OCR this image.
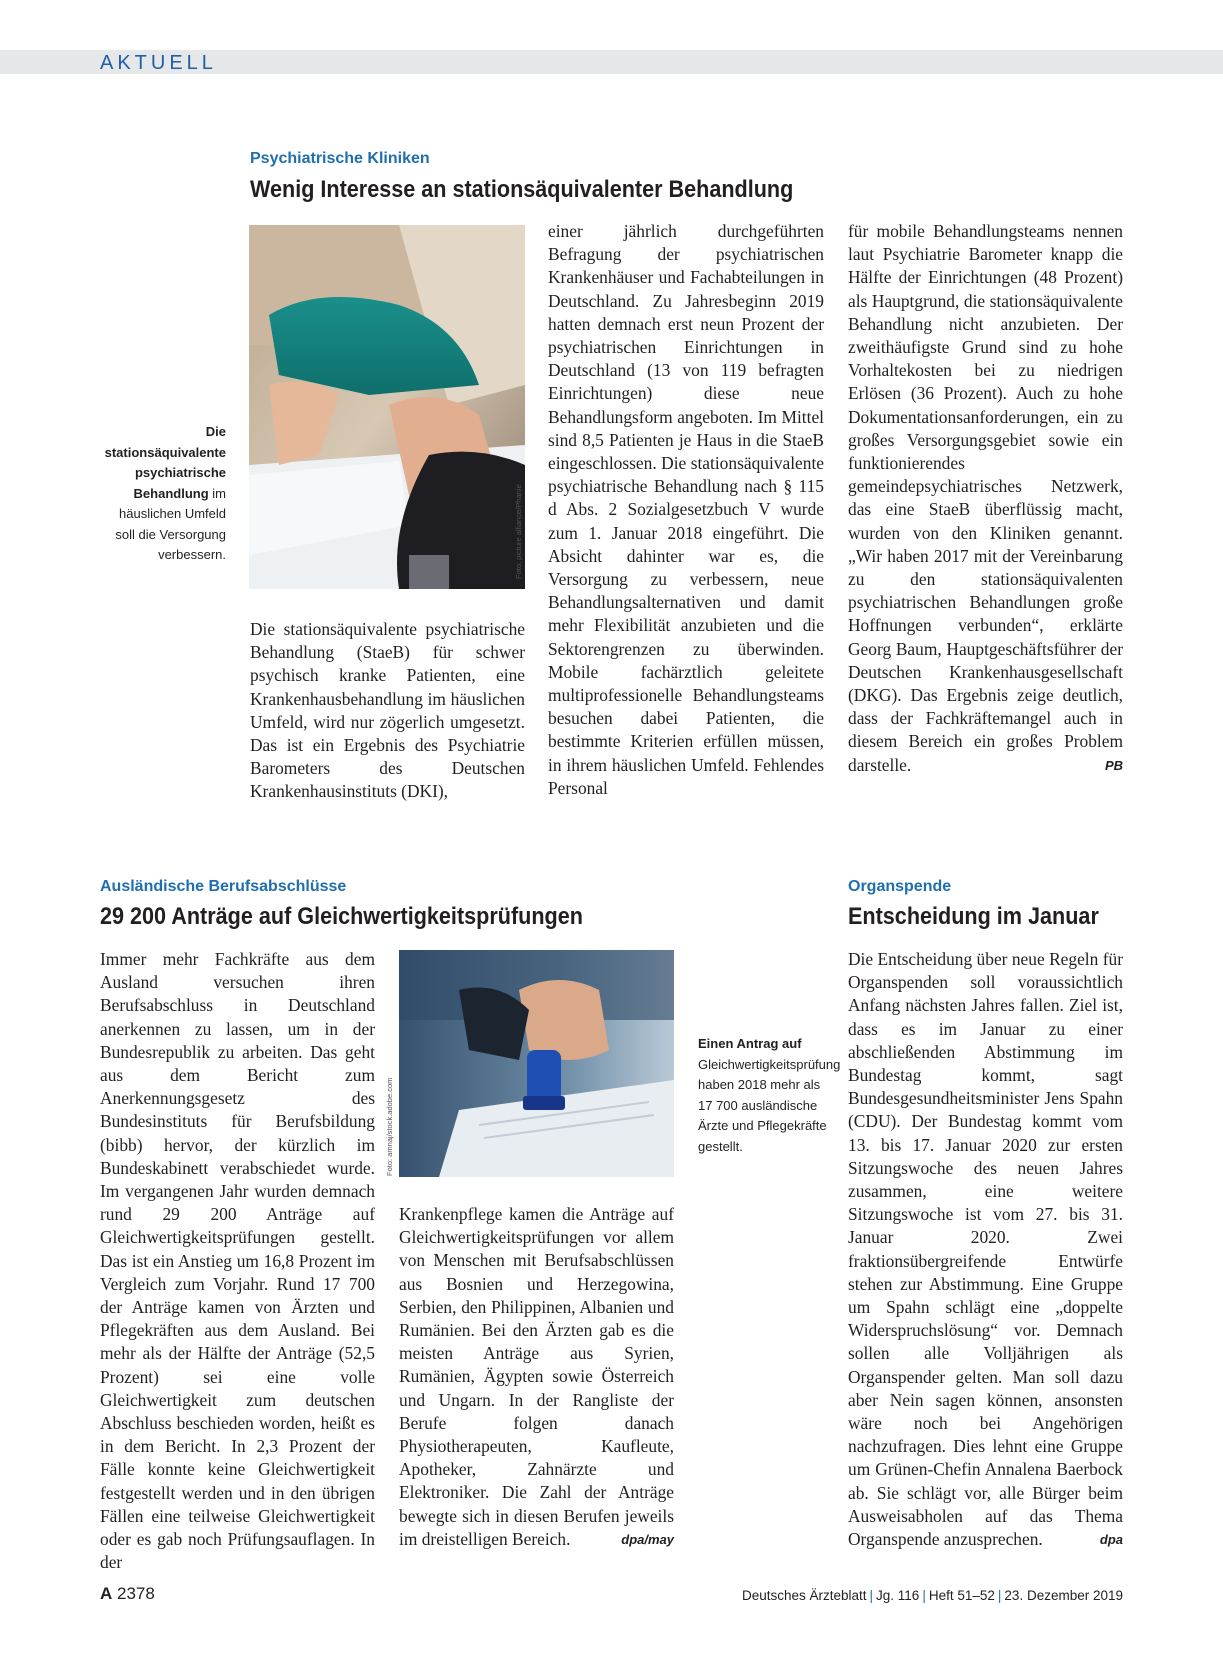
AKTUELL
Psychiatrische Kliniken
Wenig Interesse an stationsäquivalenter Behandlung
Die stationsäquivalente psychiatrische Behandlung im häuslichen Umfeld soll die Versorgung verbessern.	Foto: picture alliance/Phanie

Die stationsäquivalente psychiatrische Behandlung (StaeB) für schwer psychisch kranke Patienten, eine Krankenhausbehandlung im häuslichen Umfeld, wird nur zögerlich umgesetzt. Das ist ein Ergebnis des Psychiatrie Barometers des Deutschen Krankenhausinstituts (DKI),

einer jährlich durchgeführten Befragung der psychiatrischen Krankenhäuser und Fachabteilungen in Deutschland. Zu Jahresbeginn 2019 hatten demnach erst neun Prozent der psychiatrischen Einrichtungen in Deutschland (13 von 119 befragten Einrichtungen) diese neue Behandlungsform angeboten. Im Mittel sind 8,5 Patienten je Haus in die StaeB eingeschlossen. Die stationsäquivalente psychiatrische Behandlung nach § 115 d Abs. 2 Sozialgesetzbuch V wurde zum 1. Januar 2018 eingeführt. Die Absicht dahinter war es, die Versorgung zu verbessern, neue Behandlungsalternativen und damit mehr Flexibilität anzubieten und die Sektorengrenzen zu überwinden. Mobile fachärztlich geleitete multiprofessionelle Behandlungsteams besuchen dabei Patienten, die bestimmte Kriterien erfüllen müssen, in ihrem häuslichen Umfeld. Fehlendes Personal

für mobile Behandlungsteams nennen laut Psychiatrie Barometer knapp die Hälfte der Einrichtungen (48 Prozent) als Hauptgrund, die stationsäquivalente Behandlung nicht anzubieten. Der zweithäufigste Grund sind zu hohe Vorhaltekosten bei zu niedrigen Erlösen (36 Prozent). Auch zu hohe Dokumentationsanforderungen, ein zu großes Versorgungsgebiet sowie ein funktionierendes gemeindepsychiatrisches Netzwerk, das eine StaeB überflüssig macht, wurden von den Kliniken genannt. „Wir haben 2017 mit der Vereinbarung zu den stationsäquivalenten psychiatrischen Behandlungen große Hoffnungen verbunden“, erklärte Georg Baum, Hauptgeschäftsführer der Deutschen Krankenhausgesellschaft (DKG). Das Ergebnis zeige deutlich, dass der Fachkräftemangel auch in diesem Bereich ein großes Problem darstelle.	PB

Ausländische Berufsabschlüsse
29 200 Anträge auf Gleichwertigkeitsprüfungen

Immer mehr Fachkräfte aus dem Ausland versuchen ihren Berufsabschluss in Deutschland anerkennen zu lassen, um in der Bundesrepublik zu arbeiten. Das geht aus dem Bericht zum Anerkennungsgesetz des Bundesinstituts für Berufsbildung (bibb) hervor, der kürzlich im Bundeskabinett verabschiedet wurde. Im vergangenen Jahr wurden demnach rund 29 200 Anträge auf Gleichwertigkeitsprüfungen gestellt. Das ist ein Anstieg um 16,8 Prozent im Vergleich zum Vorjahr. Rund 17 700 der Anträge kamen von Ärzten und Pflegekräften aus dem Ausland. Bei mehr als der Hälfte der Anträge (52,5 Prozent) sei eine volle Gleichwertigkeit zum deutschen Abschluss beschieden worden, heißt es in dem Bericht. In 2,3 Prozent der Fälle konnte keine Gleichwertigkeit festgestellt werden und in den übrigen Fällen eine teilweise Gleichwertigkeit oder es gab noch Prüfungsauflagen. In der

Foto: amnaj/stock.adobe.com

Krankenpflege kamen die Anträge auf Gleichwertigkeitsprüfungen vor allem von Menschen mit Berufsabschlüssen aus Bosnien und Herzegowina, Serbien, den Philippinen, Albanien und Rumänien. Bei den Ärzten gab es die meisten Anträge aus Syrien, Rumänien, Ägypten sowie Österreich und Ungarn. In der Rangliste der Berufe folgen danach Physiotherapeuten, Kaufleute, Apotheker, Zahnärzte und Elektroniker. Die Zahl der Anträge bewegte sich in diesen Berufen jeweils im dreistelligen Bereich.	dpa/may

Einen Antrag auf
Gleichwertigkeitsprüfung haben 2018 mehr als 17 700 ausländische Ärzte und Pflegekräfte gestellt.
Organspende
Entscheidung im Januar

Die Entscheidung über neue Regeln für Organspenden soll voraussichtlich Anfang nächsten Jahres fallen. Ziel ist, dass es im Januar zu einer abschließenden Abstimmung im Bundestag kommt, sagt Bundesgesundheitsminister Jens Spahn (CDU). Der Bundestag kommt vom 13. bis 17. Januar 2020 zur ersten Sitzungswoche des neuen Jahres zusammen, eine weitere Sitzungswoche ist vom 27. bis 31. Januar 2020. Zwei fraktionsübergreifende Entwürfe stehen zur Abstimmung. Eine Gruppe um Spahn schlägt eine „doppelte Widerspruchslösung“ vor. Demnach sollen alle Volljährigen als Organspender gelten. Man soll dazu aber Nein sagen können, ansonsten wäre noch bei Angehörigen nachzufragen. Dies lehnt eine Gruppe um Grünen-Chefin Annalena Baerbock ab. Sie schlägt vor, alle Bürger beim Ausweisabholen auf das Thema Organspende anzusprechen.	dpa

A 2378	Deutsches Ärzteblatt | Jg. 116 | Heft 51–52 | 23. Dezember 2019
